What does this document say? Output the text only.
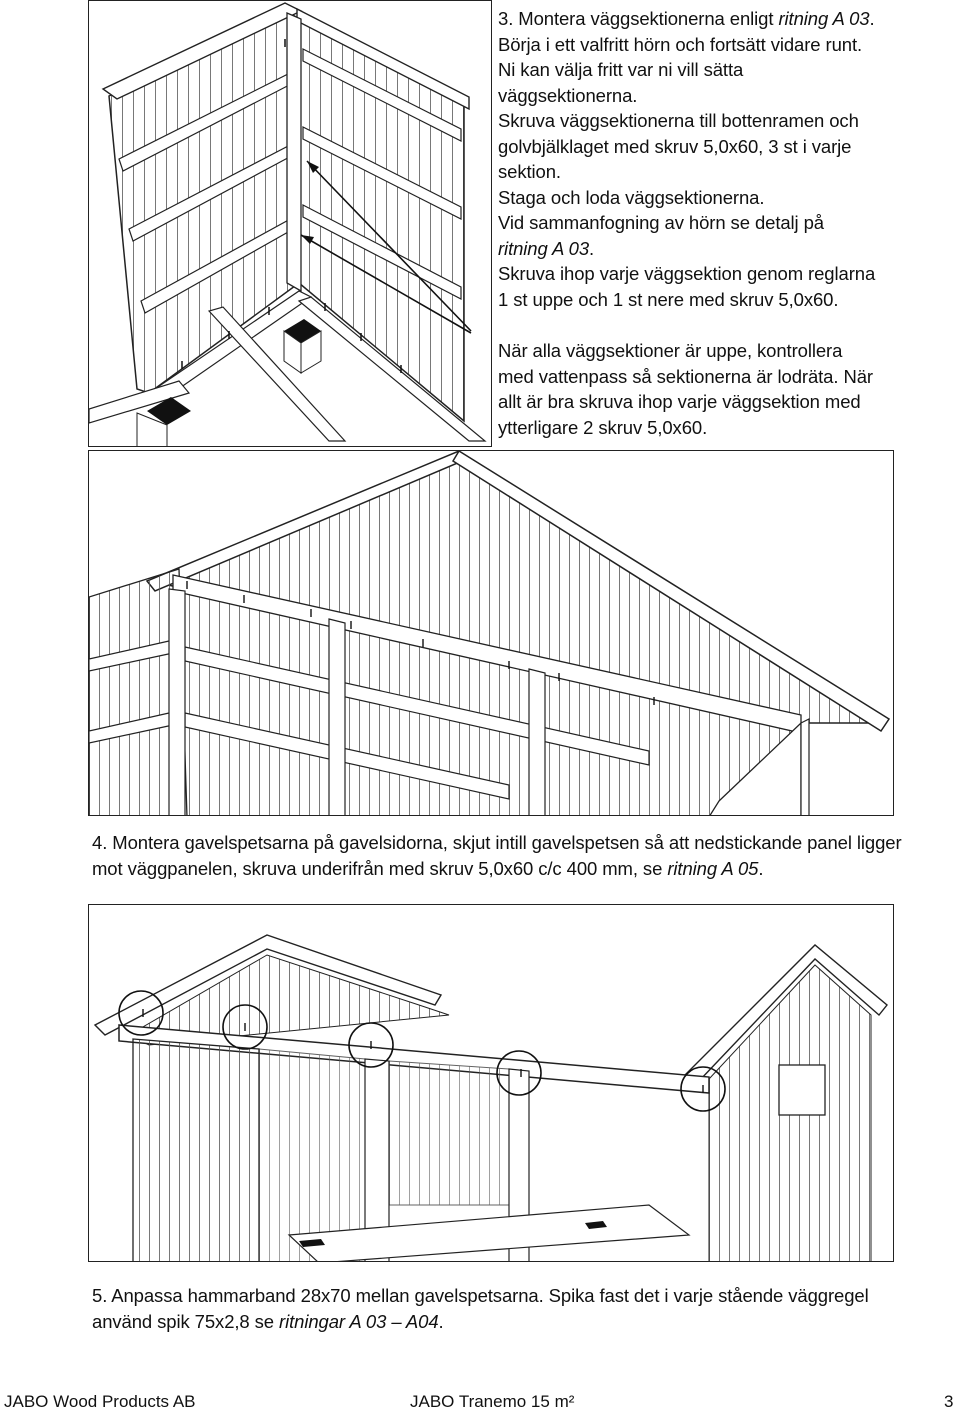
3. Montera väggsektionerna enligt ritning A 03.

Börja i ett valfritt hörn och fortsätt vidare runt. Ni kan välja fritt var ni vill sätta väggsektionerna.

Skruva väggsektionerna till bottenramen och golvbjälklaget med skruv 5,0x60, 3 st i varje sektion.

Staga och loda väggsektionerna.

Vid sammanfogning av hörn se detalj på ritning A 03.

Skruva ihop varje väggsektion genom reglarna 1 st uppe och 1 st nere med skruv 5,0x60.

När alla väggsektioner är uppe, kontrollera med vattenpass så sektionerna är lodräta. När allt är bra skruva ihop varje väggsektion med ytterligare 2 skruv 5,0x60.

4. Montera gavelspetsarna på gavelsidorna, skjut intill gavelspetsen så att nedstickande panel ligger mot väggpanelen, skruva underifrån med skruv 5,0x60 c/c 400 mm, se ritning A 05.

5. Anpassa hammarband 28x70 mellan gavelspetsarna. Spika fast det i varje stående väggregel använd spik 75x2,8 se ritningar A 03 – A04.

JABO Wood Products AB	JABO Tranemo 15 m²	3
